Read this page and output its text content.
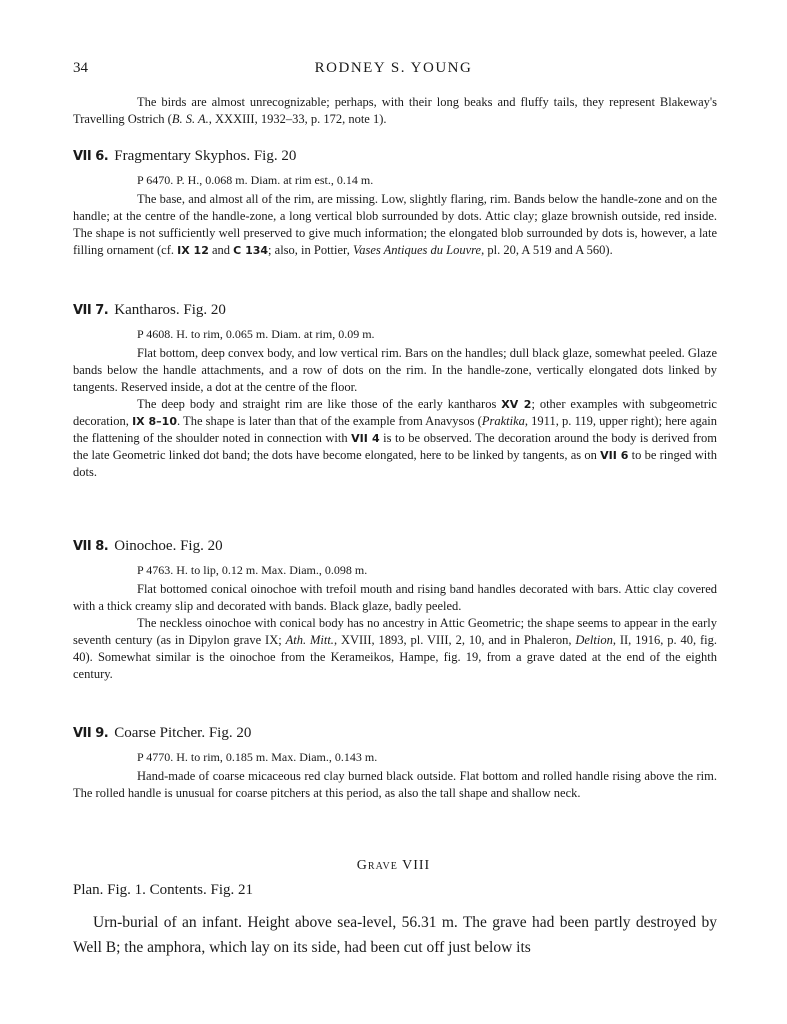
34	RODNEY S. YOUNG

The birds are almost unrecognizable; perhaps, with their long beaks and fluffy tails, they represent Blakeway's Travelling Ostrich (B. S. A., XXXIII, 1932–33, p. 172, note 1).

VII 6. Fragmentary Skyphos. Fig. 20

P 6470. P. H., 0.068 m. Diam. at rim est., 0.14 m.

The base, and almost all of the rim, are missing. Low, slightly flaring, rim. Bands below the handle-zone and on the handle; at the centre of the handle-zone, a long vertical blob surrounded by dots. Attic clay; glaze brownish outside, red inside. The shape is not sufficiently well preserved to give much information; the elongated blob surrounded by dots is, however, a late filling ornament (cf. IX 12 and C 134; also, in Pottier, Vases Antiques du Louvre, pl. 20, A 519 and A 560).

VII 7. Kantharos. Fig. 20

P 4608. H. to rim, 0.065 m. Diam. at rim, 0.09 m.

Flat bottom, deep convex body, and low vertical rim. Bars on the handles; dull black glaze, somewhat peeled. Glaze bands below the handle attachments, and a row of dots on the rim. In the handle-zone, vertically elongated dots linked by tangents. Reserved inside, a dot at the centre of the floor.

The deep body and straight rim are like those of the early kantharos XV 2; other examples with subgeometric decoration, IX 8–10. The shape is later than that of the example from Anavysos (Praktika, 1911, p. 119, upper right); here again the flattening of the shoulder noted in connection with VII 4 is to be observed. The decoration around the body is derived from the late Geometric linked dot band; the dots have become elongated, here to be linked by tangents, as on VII 6 to be ringed with dots.

VII 8. Oinochoe. Fig. 20

P 4763. H. to lip, 0.12 m. Max. Diam., 0.098 m.

Flat bottomed conical oinochoe with trefoil mouth and rising band handles decorated with bars. Attic clay covered with a thick creamy slip and decorated with bands. Black glaze, badly peeled.

The neckless oinochoe with conical body has no ancestry in Attic Geometric; the shape seems to appear in the early seventh century (as in Dipylon grave IX; Ath. Mitt., XVIII, 1893, pl. VIII, 2, 10, and in Phaleron, Deltion, II, 1916, p. 40, fig. 40). Somewhat similar is the oinochoe from the Kerameikos, Hampe, fig. 19, from a grave dated at the end of the eighth century.

VII 9. Coarse Pitcher. Fig. 20

P 4770. H. to rim, 0.185 m. Max. Diam., 0.143 m.

Hand-made of coarse micaceous red clay burned black outside. Flat bottom and rolled handle rising above the rim. The rolled handle is unusual for coarse pitchers at this period, as also the tall shape and shallow neck.

Grave VIII
Plan. Fig. 1. Contents. Fig. 21

Urn-burial of an infant. Height above sea-level, 56.31 m. The grave had been partly destroyed by Well B; the amphora, which lay on its side, had been cut off just below its
